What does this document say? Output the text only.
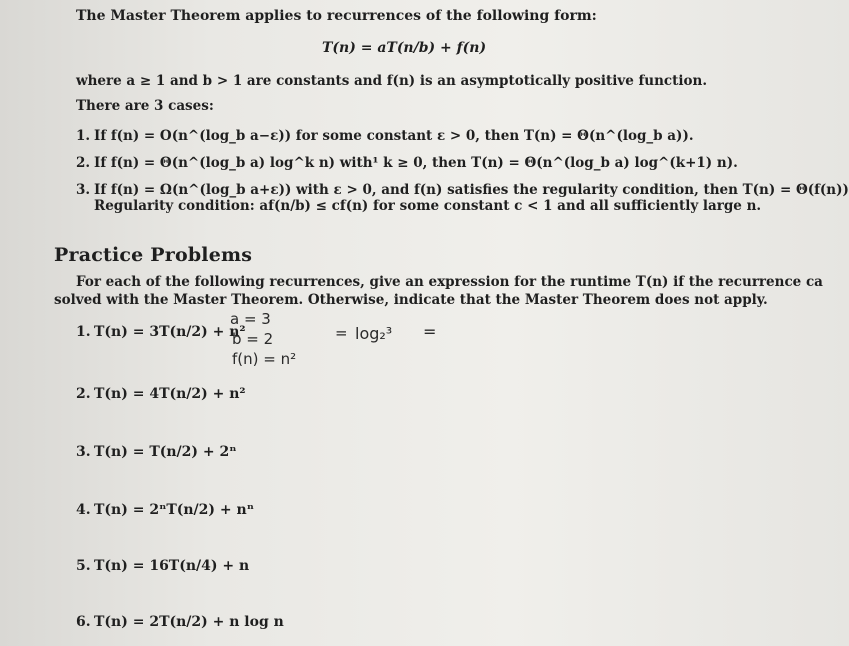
The Master Theorem applies to recurrences of the following form:
T(n) = aT(n/b) + f(n)
where a ≥ 1 and b > 1 are constants and f(n) is an asymptotically positive function.
There are 3 cases:
1. If f(n) = O(n^(log_b a−ε)) for some constant ε > 0, then T(n) = Θ(n^(log_b a)).
2. If f(n) = Θ(n^(log_b a) log^k n) with¹ k ≥ 0, then T(n) = Θ(n^(log_b a) log^(k+1) n).
3. If f(n) = Ω(n^(log_b a+ε)) with ε > 0, and f(n) satisfies the regularity condition, then T(n) = Θ(f(n))
Regularity condition: af(n/b) ≤ cf(n) for some constant c < 1 and all sufficiently large n.
Practice Problems
For each of the following recurrences, give an expression for the runtime T(n) if the recurrence ca
solved with the Master Theorem. Otherwise, indicate that the Master Theorem does not apply.
1. T(n) = 3T(n/2) + n²
2. T(n) = 4T(n/2) + n²
3. T(n) = T(n/2) + 2ⁿ
4. T(n) = 2ⁿT(n/2) + nⁿ
5. T(n) = 16T(n/4) + n
6. T(n) = 2T(n/2) + n log n
a = 3
b = 2
f(n) = n²
= log₂³ =
